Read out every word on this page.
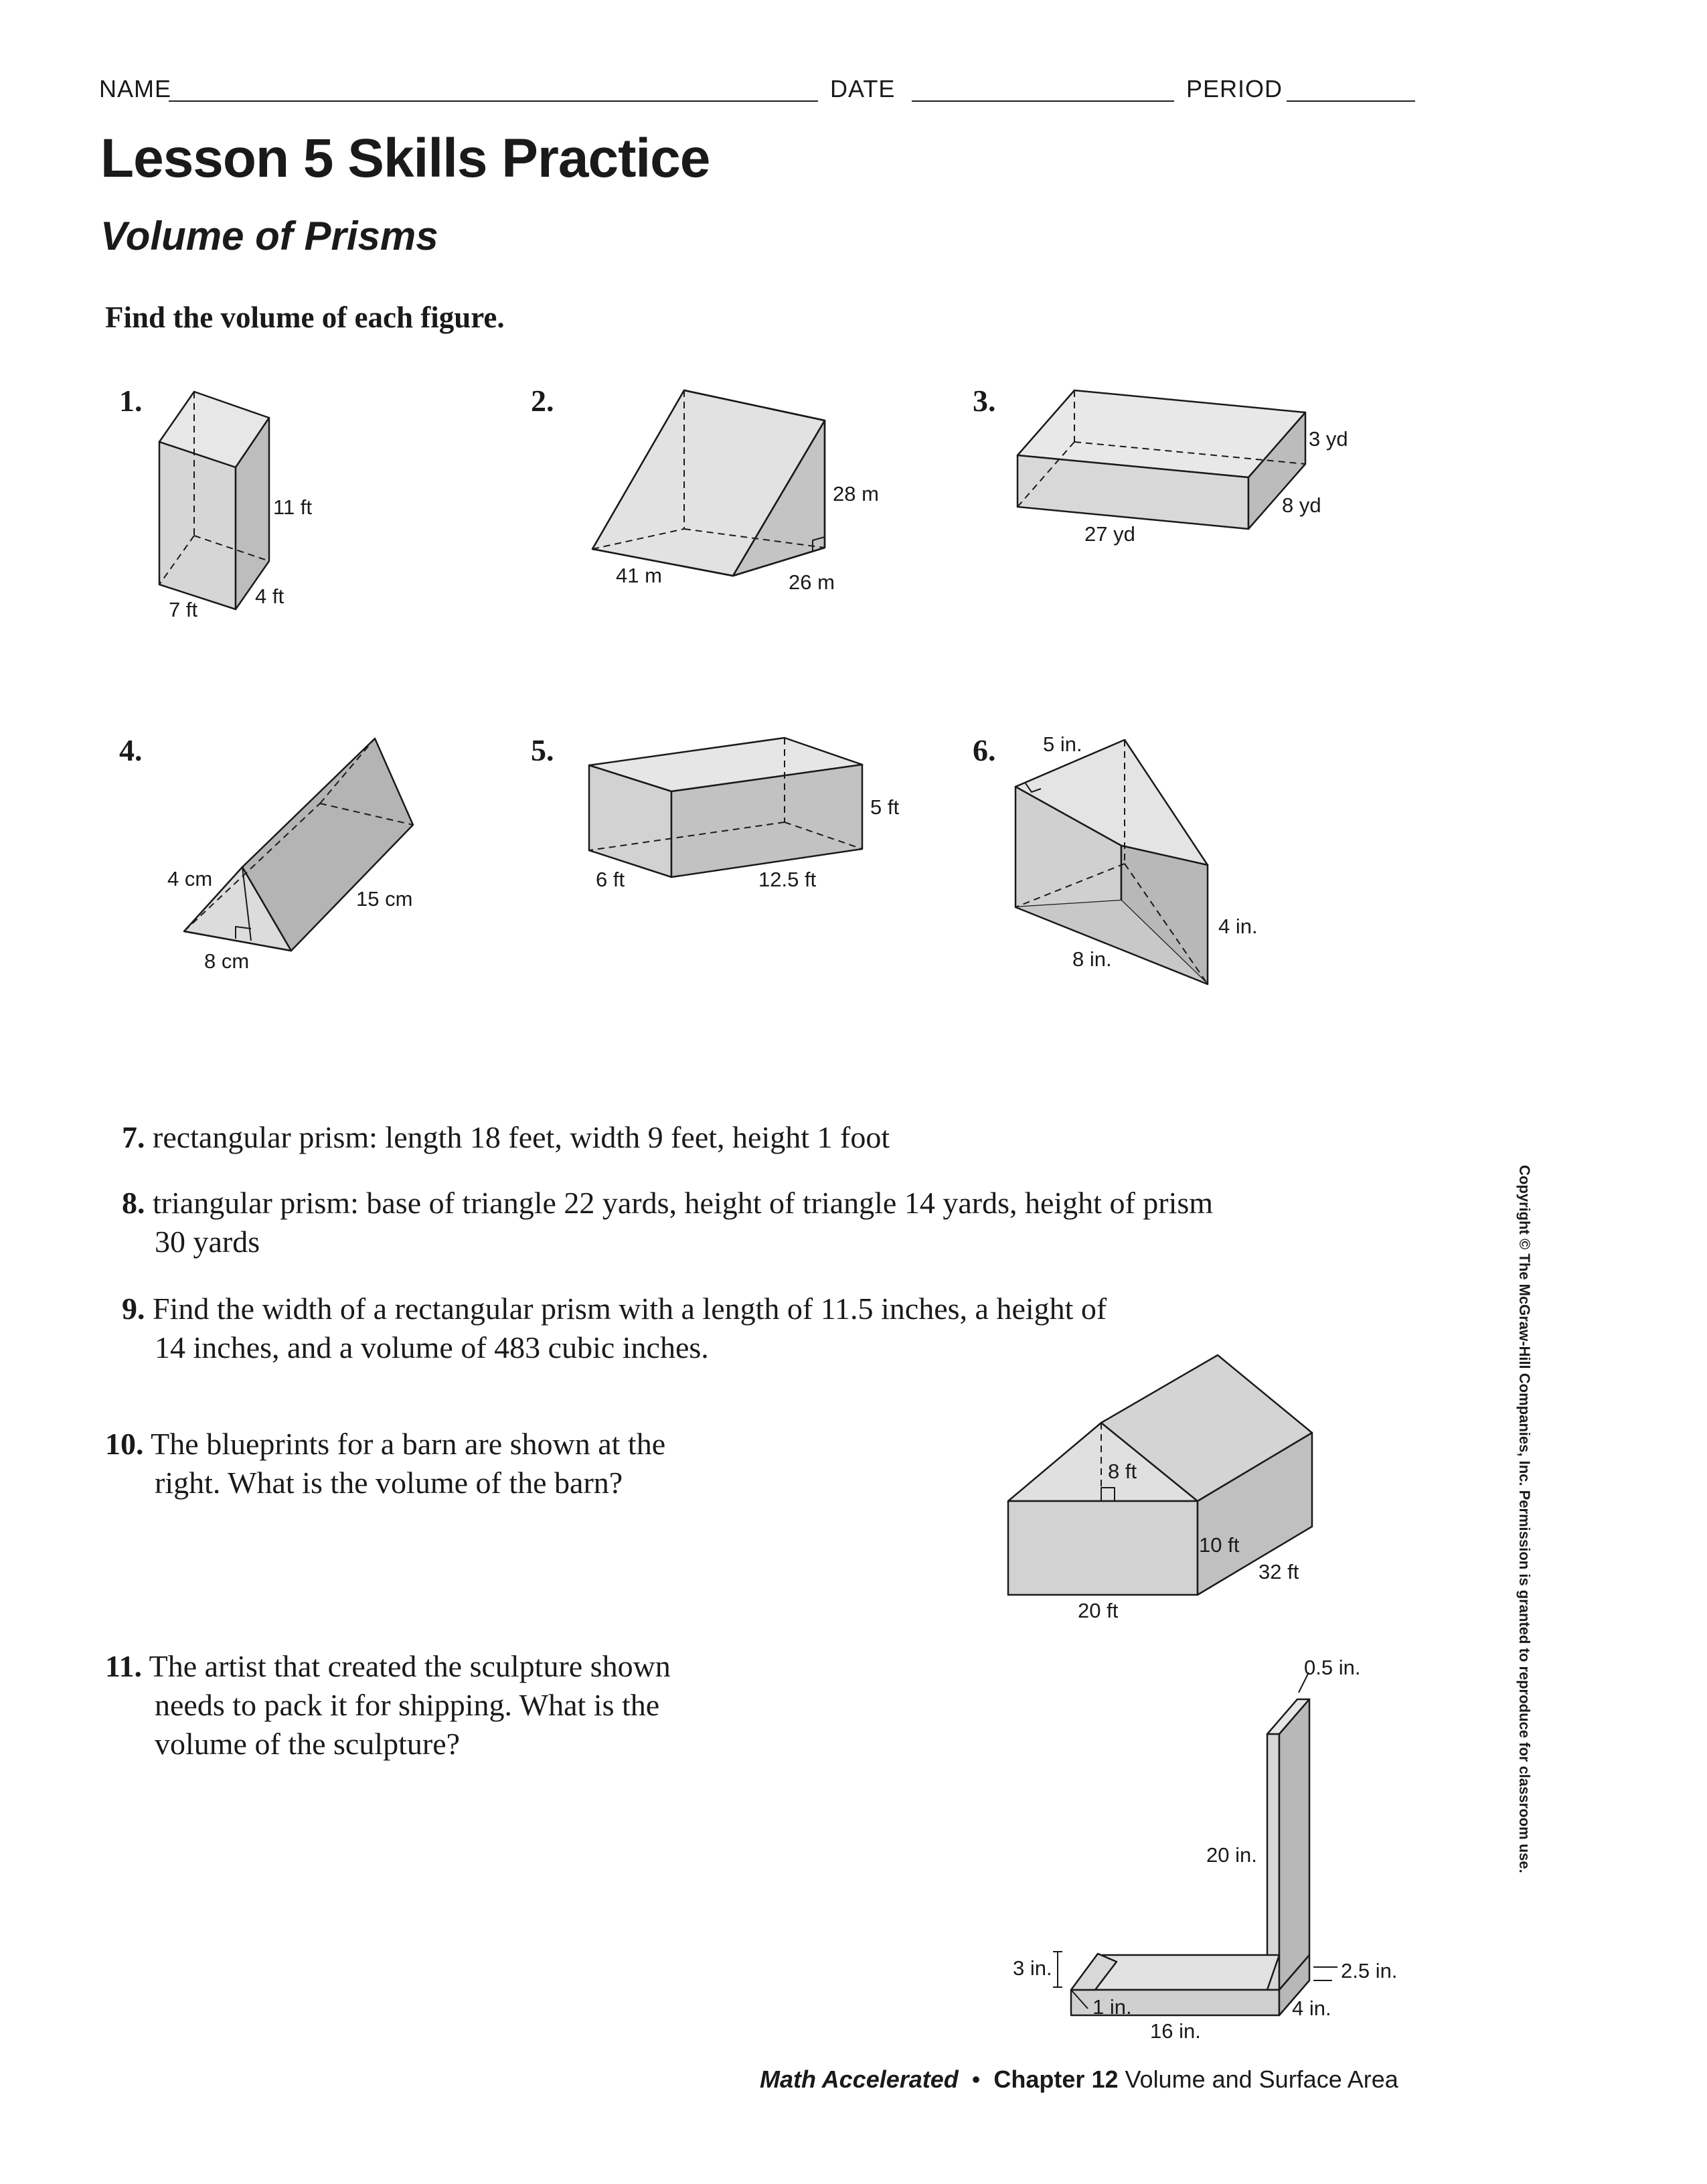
NAME	DATE	PERIOD
Lesson 5 Skills Practice
Volume of Prisms
Find the volume of each figure.
1.	2.	3.
4.	5.	6.
11 ft
4 ft
7 ft
28 m
41 m	26 m
3 yd
8 yd
27 yd
4 cm
15 cm
8 cm
5 ft
6 ft	12.5 ft
5 in.
4 in.
8 in.
7. rectangular prism: length 18 feet, width 9 feet, height 1 foot
8. triangular prism: base of triangle 22 yards, height of triangle 14 yards, height of prism
30 yards
9. Find the width of a rectangular prism with a length of 11.5 inches, a height of
14 inches, and a volume of 483 cubic inches.
10. The blueprints for a barn are shown at the
right. What is the volume of the barn?	8 ft
10 ft
32 ft
20 ft
11. The artist that created the sculpture shown
needs to pack it for shipping. What is the
volume of the sculpture?
0.5 in.
20 in.
3 in.	2.5 in.
1 in.	4 in.
16 in.
Copyright © The McGraw-Hill Companies, Inc. Permission is granted to reproduce for classroom use.
Math Accelerated • Chapter 12 Volume and Surface Area
